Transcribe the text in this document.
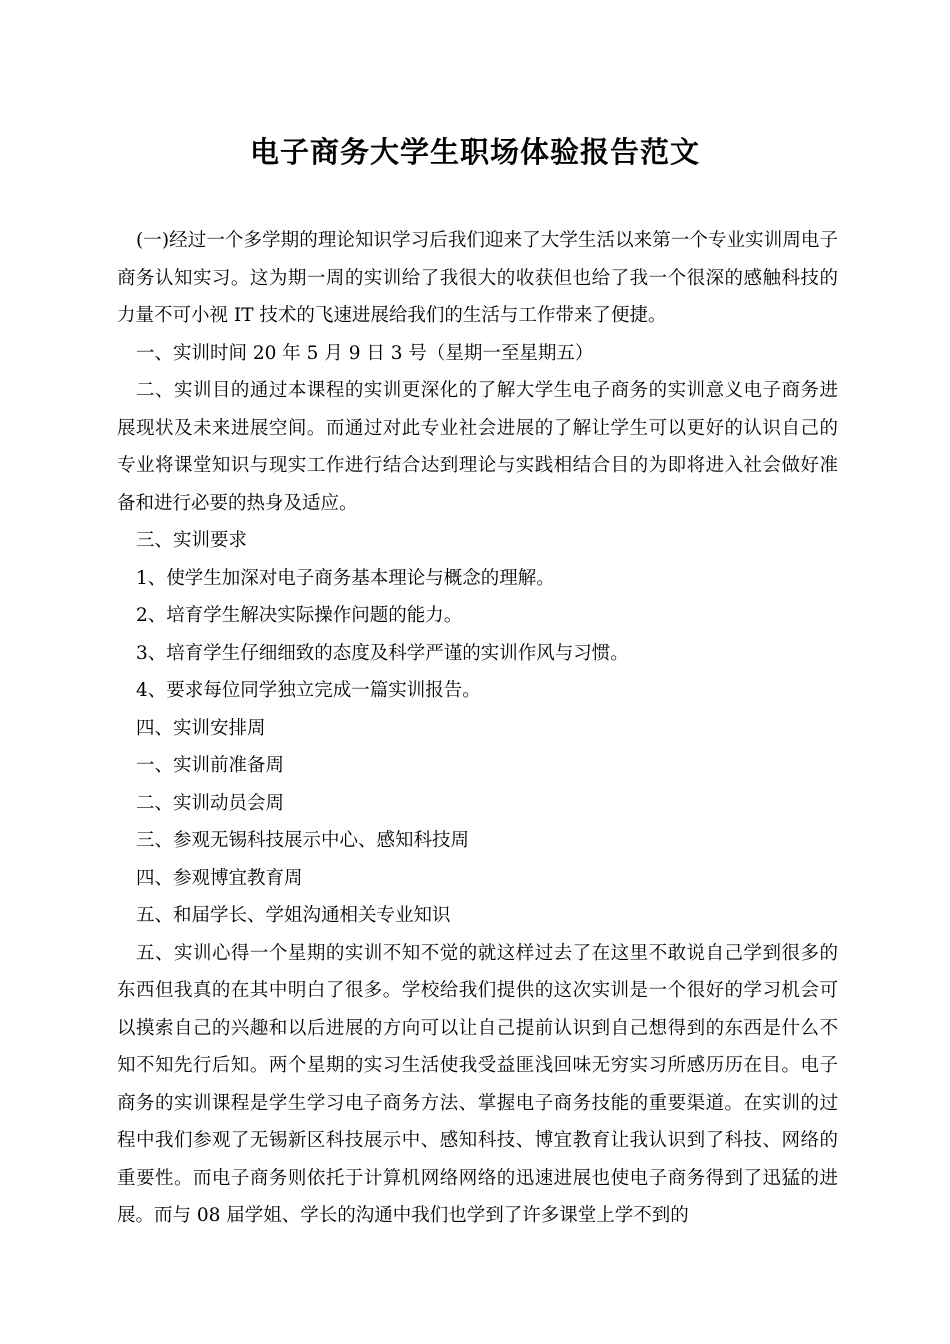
电子商务大学生职场体验报告范文

(一)经过一个多学期的理论知识学习后我们迎来了大学生活以来第一个专业实训周电子商务认知实习。这为期一周的实训给了我很大的收获但也给了我一个很深的感触科技的力量不可小视 IT 技术的飞速进展给我们的生活与工作带来了便捷。

一、实训时间 20 年 5 月 9 日 3 号（星期一至星期五）

二、实训目的通过本课程的实训更深化的了解大学生电子商务的实训意义电子商务进展现状及未来进展空间。而通过对此专业社会进展的了解让学生可以更好的认识自己的专业将课堂知识与现实工作进行结合达到理论与实践相结合目的为即将进入社会做好准备和进行必要的热身及适应。

三、实训要求

1、使学生加深对电子商务基本理论与概念的理解。

2、培育学生解决实际操作问题的能力。

3、培育学生仔细细致的态度及科学严谨的实训作风与习惯。

4、要求每位同学独立完成一篇实训报告。

四、实训安排周

一、实训前准备周

二、实训动员会周

三、参观无锡科技展示中心、感知科技周

四、参观博宜教育周

五、和届学长、学姐沟通相关专业知识

五、实训心得一个星期的实训不知不觉的就这样过去了在这里不敢说自己学到很多的东西但我真的在其中明白了很多。学校给我们提供的这次实训是一个很好的学习机会可以摸索自己的兴趣和以后进展的方向可以让自己提前认识到自己想得到的东西是什么不知不知先行后知。两个星期的实习生活使我受益匪浅回味无穷实习所感历历在目。电子商务的实训课程是学生学习电子商务方法、掌握电子商务技能的重要渠道。在实训的过程中我们参观了无锡新区科技展示中、感知科技、博宜教育让我认识到了科技、网络的重要性。而电子商务则依托于计算机网络网络的迅速进展也使电子商务得到了迅猛的进展。而与 08 届学姐、学长的沟通中我们也学到了许多课堂上学不到的
